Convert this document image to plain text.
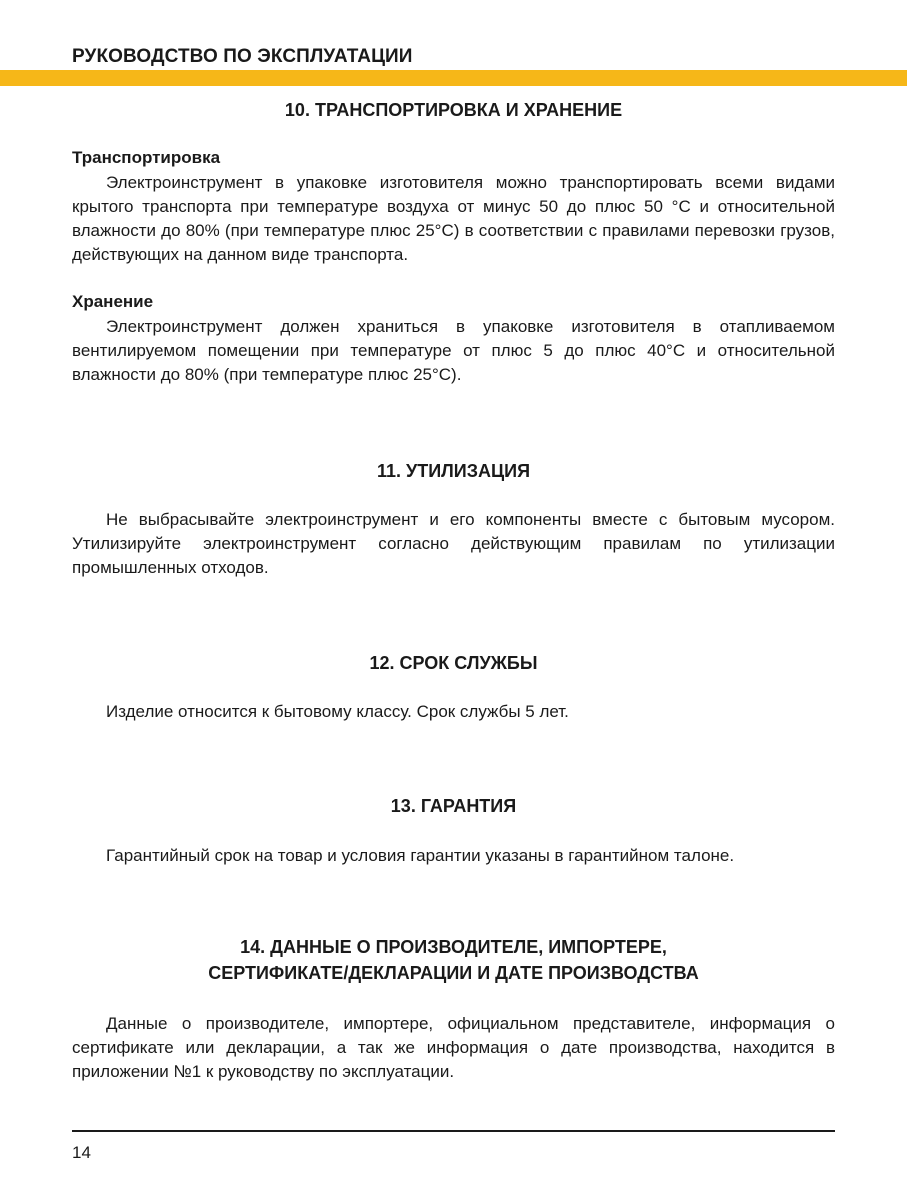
РУКОВОДСТВО ПО ЭКСПЛУАТАЦИИ
10. ТРАНСПОРТИРОВКА И ХРАНЕНИЕ
Транспортировка
Электроинструмент в упаковке изготовителя можно транспортировать всеми видами крытого транспорта при температуре воздуха от минус 50 до плюс 50 °С и относительной влажности до 80% (при температуре плюс 25°С) в соответствии с правилами перевозки грузов, действующих на данном виде транспорта.
Хранение
Электроинструмент должен храниться в упаковке изготовителя в отапливаемом вентилируемом помещении при температуре от плюс 5 до плюс 40°С и относительной влажности до 80% (при температуре плюс 25°С).
11. УТИЛИЗАЦИЯ
Не выбрасывайте электроинструмент и его компоненты вместе с бытовым мусором. Утилизируйте электроинструмент согласно действующим правилам по утилизации промышленных отходов.
12. СРОК СЛУЖБЫ
Изделие относится к бытовому классу. Срок службы 5 лет.
13. ГАРАНТИЯ
Гарантийный срок на товар и условия гарантии указаны в гарантийном талоне.
14. ДАННЫЕ О ПРОИЗВОДИТЕЛЕ, ИМПОРТЕРЕ,
СЕРТИФИКАТЕ/ДЕКЛАРАЦИИ И ДАТЕ ПРОИЗВОДСТВА
Данные о производителе, импортере, официальном представителе, информация о сертификате или декларации, а так же информация о дате производства, находится в приложении №1 к руководству по эксплуатации.
14
